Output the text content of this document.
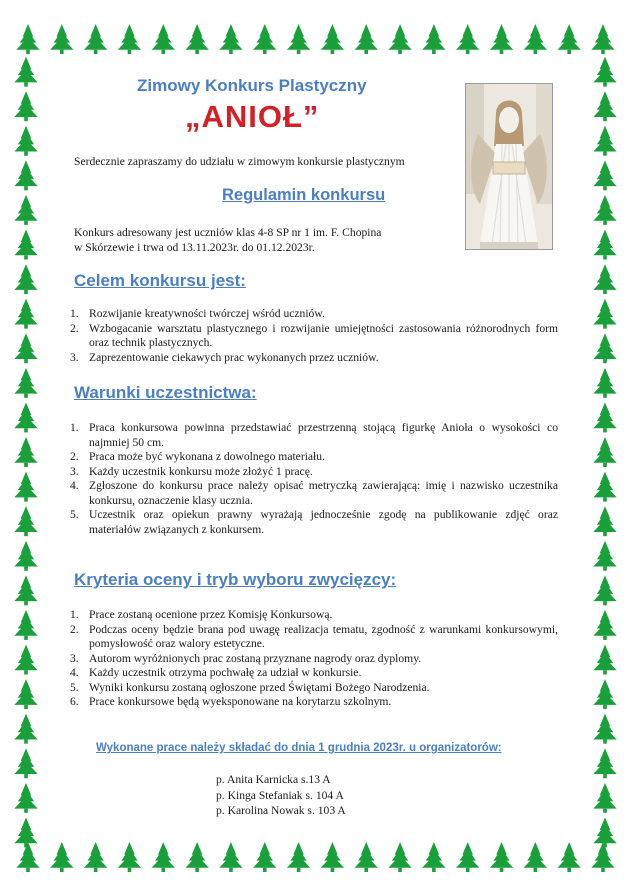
Zimowy Konkurs Plastyczny

„ANIOŁ”

Serdecznie zapraszamy do udziału w zimowym konkursie plastycznym

Regulamin konkursu

Konkurs adresowany jest uczniów klas 4-8 SP nr 1 im. F. Chopina
w Skórzewie i trwa od 13.11.2023r. do 01.12.2023r.

Celem konkursu jest:

1. Rozwijanie kreatywności twórczej wśród uczniów.
2. Wzbogacanie warsztatu plastycznego i rozwijanie umiejętności zastosowania różnorodnych form oraz technik plastycznych.
3. Zaprezentowanie ciekawych prac wykonanych przez uczniów.

Warunki uczestnictwa:

1. Praca konkursowa powinna przedstawiać przestrzenną stojącą figurkę Anioła o wysokości co najmniej 50 cm.
2. Praca może być wykonana z dowolnego materiału.
3. Każdy uczestnik konkursu może złożyć 1 pracę.
4. Zgłoszone do konkursu prace należy opisać metryczką zawierającą: imię i nazwisko uczestnika konkursu, oznaczenie klasy ucznia.
5. Uczestnik oraz opiekun prawny wyrażają jednocześnie zgodę na publikowanie zdjęć oraz materiałów związanych z konkursem.

Kryteria oceny i tryb wyboru zwycięzcy:

1. Prace zostaną ocenione przez Komisję Konkursową.
2. Podczas oceny będzie brana pod uwagę realizacja tematu, zgodność z warunkami konkursowymi, pomysłowość oraz walory estetyczne.
3. Autorom wyróżnionych prac zostaną przyznane nagrody oraz dyplomy.
4. Każdy uczestnik otrzyma pochwałę za udział w konkursie.
5. Wyniki konkursu zostaną ogłoszone przed Świętami Bożego Narodzenia.
6. Prace konkursowe będą wyeksponowane na korytarzu szkolnym.

Wykonane prace należy składać do dnia 1 grudnia 2023r. u organizatorów:

p. Anita Karnicka s.13 A
p. Kinga Stefaniak s. 104 A
p. Karolina Nowak s. 103 A
